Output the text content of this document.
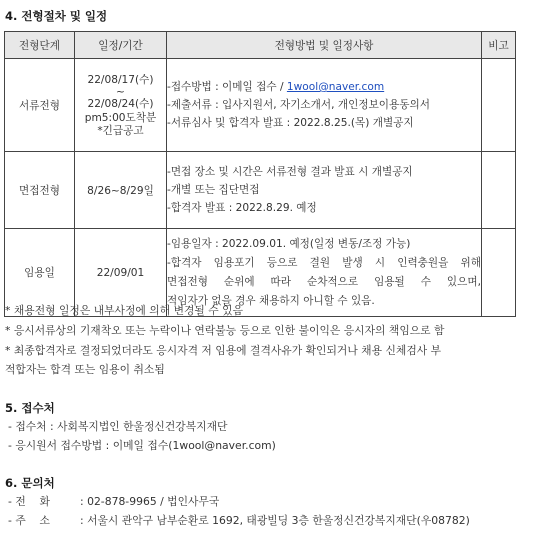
4. 전형절차 및 일정
전형단계	일정/기간	전형방법 및 일정사항	비고
서류전형	22/08/17(수)
~
22/08/24(수)
pm5:00도착분
*긴급공고	-접수방법 : 이메일 접수 / 1wool@naver.com
-제출서류 : 입사지원서, 자기소개서, 개인정보이용동의서
-서류심사 및 합격자 발표 : 2022.8.25.(목) 개별공지	

면접전형	8/26~8/29일	-면접 장소 및 시간은 서류전형 결과 발표 시 개별공지
-개별 또는 집단면접
-합격자 발표 : 2022.8.29. 예정	

임용일	22/09/01	-임용일자 : 2022.09.01. 예정(일정 변동/조정 가능)
-합격자 임용포기 등으로 결원 발생 시 인력충원을 위해
면접전형 순위에 따라 순차적으로 임용될 수 있으며,
적임자가 없을 경우 채용하지 아니할 수 있음.	

* 채용전형 일정은 내부사정에 의해 변경될 수 있음
* 응시서류상의 기재착오 또는 누락이나 연락불능 등으로 인한 불이익은 응시자의 책임으로 함
* 최종합격자로 결정되었더라도 응시자격 저 임용에 결격사유가 확인되거나 채용 신체검사 부
적합자는 합격 또는 임용이 취소됨
5. 접수처
- 접수처 : 사회복지법인 한울정신건강복지재단
- 응시원서 접수방법 : 이메일 접수(1wool@naver.com)
6. 문의처
- 전    화	: 02-878-9965 / 법인사무국
- 주    소	: 서울시 관악구 남부순환로 1692, 태광빌딩 3층 한울정신건강복지재단(우08782)
